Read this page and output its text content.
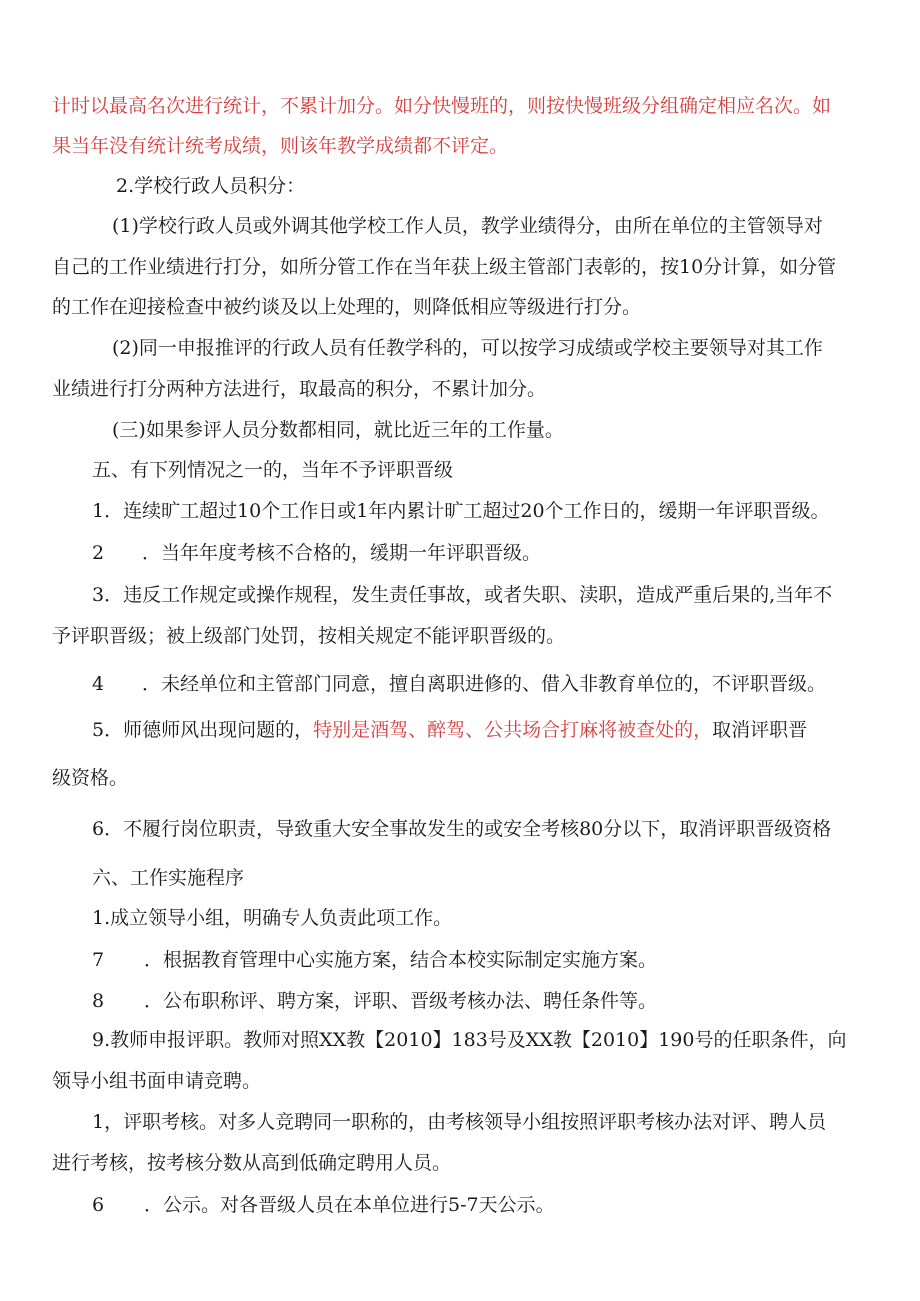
计时以最高名次进行统计，不累计加分。如分快慢班的，则按快慢班级分组确定相应名次。如
果当年没有统计统考成绩，则该年教学成绩都不评定。
2.学校行政人员积分：
(1)学校行政人员或外调其他学校工作人员，教学业绩得分，由所在单位的主管领导对
自己的工作业绩进行打分，如所分管工作在当年获上级主管部门表彰的，按10分计算，如分管
的工作在迎接检查中被约谈及以上处理的，则降低相应等级进行打分。
(2)同一申报推评的行政人员有任教学科的，可以按学习成绩或学校主要领导对其工作
业绩进行打分两种方法进行，取最高的积分，不累计加分。
(三)如果参评人员分数都相同，就比近三年的工作量。
五、有下列情况之一的，当年不予评职晋级
1．连续旷工超过10个工作日或1年内累计旷工超过20个工作日的，缓期一年评职晋级。
2 ．当年年度考核不合格的，缓期一年评职晋级。
3．违反工作规定或操作规程，发生责任事故，或者失职、渎职，造成严重后果的,当年不
予评职晋级；被上级部门处罚，按相关规定不能评职晋级的。
4 ．未经单位和主管部门同意，擅自离职进修的、借入非教育单位的，不评职晋级。
5．师德师风出现问题的，特别是酒驾、醉驾、公共场合打麻将被查处的，取消评职晋
级资格。
6．不履行岗位职责，导致重大安全事故发生的或安全考核80分以下，取消评职晋级资格
六、工作实施程序
1.成立领导小组，明确专人负责此项工作。
7 ．根据教育管理中心实施方案，结合本校实际制定实施方案。
8 ．公布职称评、聘方案，评职、晋级考核办法、聘任条件等。
9.教师申报评职。教师对照XX教【2010】183号及XX教【2010】190号的任职条件，向
领导小组书面申请竞聘。
1，评职考核。对多人竞聘同一职称的，由考核领导小组按照评职考核办法对评、聘人员
进行考核，按考核分数从高到低确定聘用人员。
6 ．公示。对各晋级人员在本单位进行5-7天公示。
